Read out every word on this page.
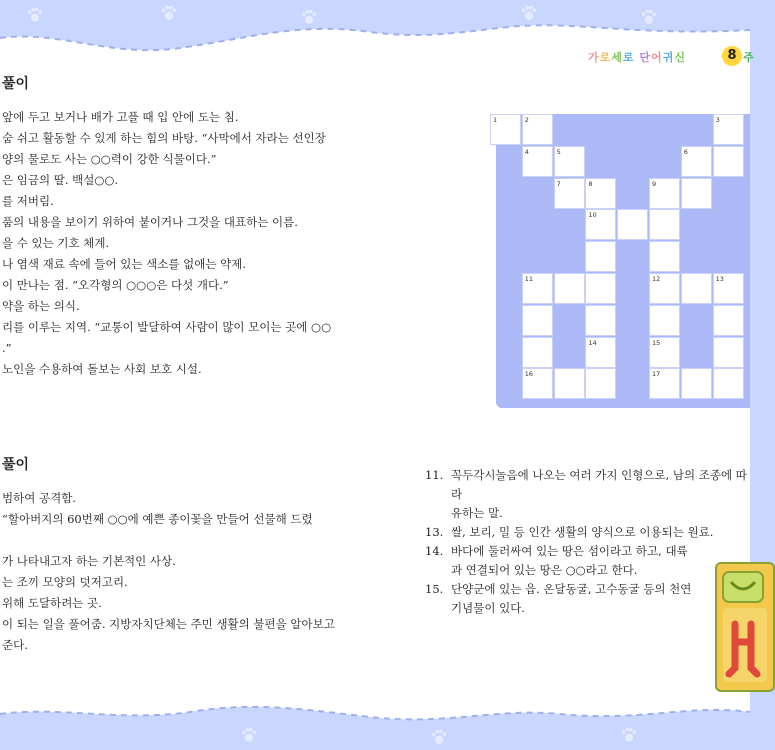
가로세로 단어귀신	8 주
풀이
앞에 두고 보거나 배가 고플 때 입 안에 도는 침.
숨 쉬고 활동할 수 있게 하는 힘의 바탕. “사막에서 자라는 선인장
양의 물로도 사는 ○○력이 강한 식물이다.”
은 임금의 딸. 백설○○.
를 저버림.
품의 내용을 보이기 위하여 붙이거나 그것을 대표하는 이름.
을 수 있는 기호 체계.
나 염색 재료 속에 들어 있는 색소를 없애는 약제.
이 만나는 점. “오각형의 ○○○은 다섯 개다.”
약을 하는 의식.
리를 이루는 지역. “교통이 발달하여 사람이 많이 모이는 곳에 ○○
.”
노인을 수용하여 돌보는 사회 보호 시설.
풀이
범하여 공격함.
“할아버지의 60번째 ○○에 예쁜 종이꽃을 만들어 선물해 드렸

가 나타내고자 하는 기본적인 사상.
는 조끼 모양의 덧저고리.
위해 도달하려는 곳.
이 되는 일을 풀어줌. 지방자치단체는 주민 생활의 불편을 알아보고
준다.
1	2	3
4	5	6
7	8	9
10
11	12	13
14	15
16	17
11. 꼭두각시놀음에 나오는 여러 가지 인형으로, 남의 조종에 따라
유하는 말.
13. 쌀, 보리, 밀 등 인간 생활의 양식으로 이용되는 원료.
14. 바다에 둘러싸여 있는 땅은 섬이라고 하고, 대륙
과 연결되어 있는 땅은 ○○라고 한다.
15. 단양군에 있는 읍. 온달동굴, 고수동굴 등의 천연
기념물이 있다.
